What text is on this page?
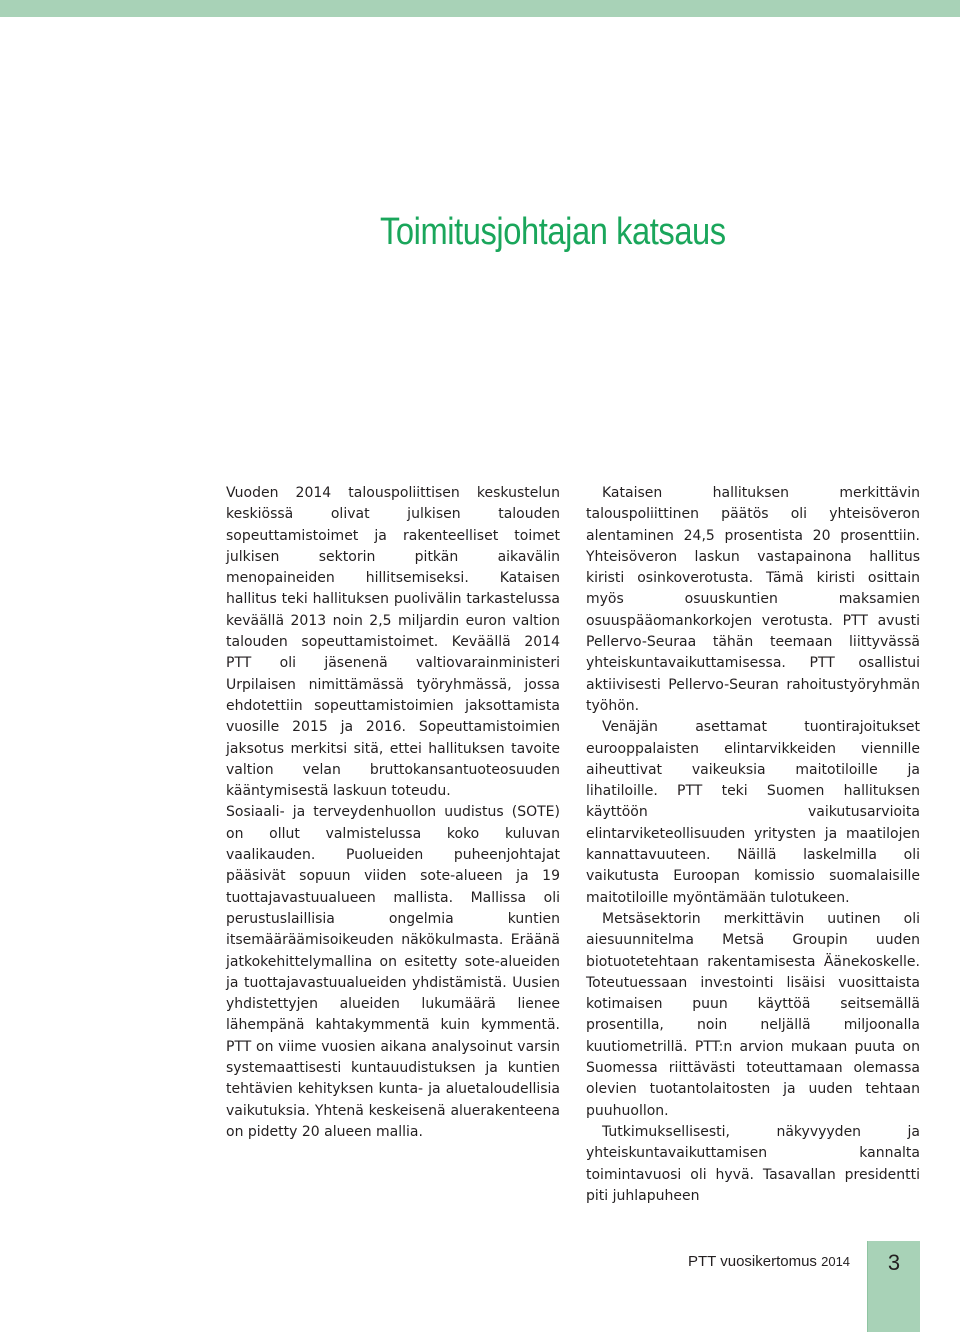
Toimitusjohtajan katsaus

Vuoden 2014 talouspoliittisen keskustelun keskiössä olivat julkisen talouden sopeuttamistoimet ja rakenteelliset toimet julkisen sektorin pitkän aikavälin menopaineiden hillitsemiseksi. Kataisen hallitus teki hallituksen puolivälin tarkastelussa keväällä 2013 noin 2,5 miljardin euron valtion talouden sopeuttamistoimet. Keväällä 2014 PTT oli jäsenenä valtiovarainministeri Urpilaisen nimittämässä työryhmässä, jossa ehdotettiin sopeuttamistoimien jaksottamista vuosille 2015 ja 2016. Sopeuttamistoimien jaksotus merkitsi sitä, ettei hallituksen tavoite valtion velan bruttokansantuoteosuuden kääntymisestä laskuun toteudu.

Sosiaali- ja terveydenhuollon uudistus (SOTE) on ollut valmistelussa koko kuluvan vaalikauden. Puolueiden puheenjohtajat pääsivät sopuun viiden sote-alueen ja 19 tuottajavastuualueen mallista. Mallissa oli perustuslaillisia ongelmia kuntien itsemääräämisoikeuden näkökulmasta. Eräänä jatkokehittelymallina on esitetty sote-alueiden ja tuottajavastuualueiden yhdistämistä. Uusien yhdistettyjen alueiden lukumäärä lienee lähempänä kahtakymmentä kuin kymmentä. PTT on viime vuosien aikana analysoinut varsin systemaattisesti kuntauudistuksen ja kuntien tehtävien kehityksen kunta- ja aluetaloudellisia vaikutuksia. Yhtenä keskeisenä aluerakenteena on pidetty 20 alueen mallia.

Kataisen hallituksen merkittävin talouspoliittinen päätös oli yhteisöveron alentaminen 24,5 prosentista 20 prosenttiin. Yhteisöveron laskun vastapainona hallitus kiristi osinkoverotusta. Tämä kiristi osittain myös osuuskuntien maksamien osuuspääomankorkojen verotusta. PTT avusti Pellervo-Seuraa tähän teemaan liittyvässä yhteiskuntavaikuttamisessa. PTT osallistui aktiivisesti Pellervo-Seuran rahoitustyöryhmän työhön.

Venäjän asettamat tuontirajoitukset eurooppalaisten elintarvikkeiden viennille aiheuttivat vaikeuksia maitotiloille ja lihatiloille. PTT teki Suomen hallituksen käyttöön vaikutusarvioita elintarviketeollisuuden yritysten ja maatilojen kannattavuuteen. Näillä laskelmilla oli vaikutusta Euroopan komissio suomalaisille maitotiloille myöntämään tulotukeen.

Metsäsektorin merkittävin uutinen oli aiesuunnitelma Metsä Groupin uuden biotuotetehtaan rakentamisesta Äänekoskelle. Toteutuessaan investointi lisäisi vuosittaista kotimaisen puun käyttöä seitsemällä prosentilla, noin neljällä miljoonalla kuutiometrillä. PTT:n arvion mukaan puuta on Suomessa riittävästi toteuttamaan olemassa olevien tuotantolaitosten ja uuden tehtaan puuhuollon.

Tutkimuksellisesti, näkyvyyden ja yhteiskuntavaikuttamisen kannalta toimintavuosi oli hyvä. Tasavallan presidentti piti juhlapuheen

PTT vuosikertomus 2014	3
